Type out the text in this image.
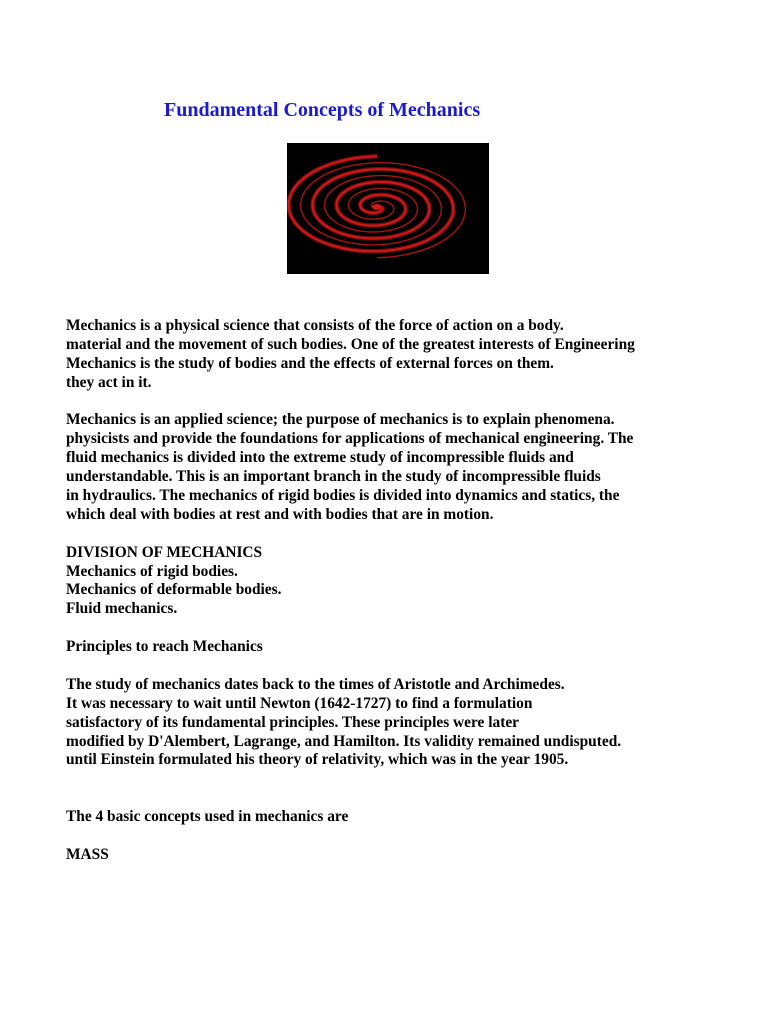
Fundamental Concepts of Mechanics
Mechanics is a physical science that consists of the force of action on a body.
material and the movement of such bodies. One of the greatest interests of Engineering
Mechanics is the study of bodies and the effects of external forces on them.
they act in it.
Mechanics is an applied science; the purpose of mechanics is to explain phenomena.
physicists and provide the foundations for applications of mechanical engineering. The
fluid mechanics is divided into the extreme study of incompressible fluids and
understandable. This is an important branch in the study of incompressible fluids
in hydraulics. The mechanics of rigid bodies is divided into dynamics and statics, the
which deal with bodies at rest and with bodies that are in motion.
DIVISION OF MECHANICS
Mechanics of rigid bodies.
Mechanics of deformable bodies.
Fluid mechanics.
Principles to reach Mechanics
The study of mechanics dates back to the times of Aristotle and Archimedes.
It was necessary to wait until Newton (1642-1727) to find a formulation
satisfactory of its fundamental principles. These principles were later
modified by D'Alembert, Lagrange, and Hamilton. Its validity remained undisputed.
until Einstein formulated his theory of relativity, which was in the year 1905.
The 4 basic concepts used in mechanics are
MASS
